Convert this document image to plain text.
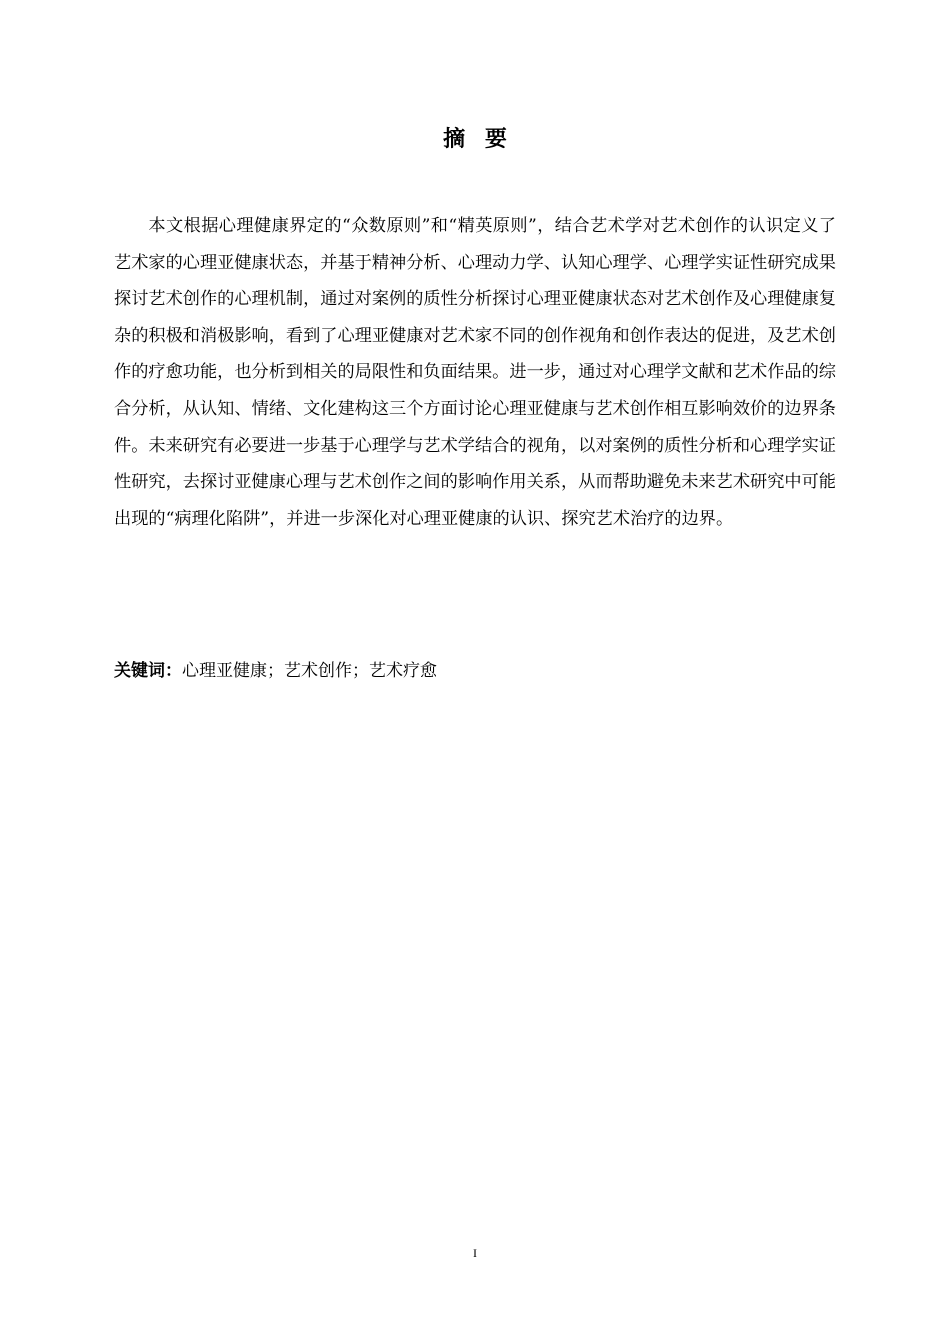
摘要

本文根据心理健康界定的“众数原则”和“精英原则”，结合艺术学对艺术创作的认识定义了艺术家的心理亚健康状态，并基于精神分析、心理动力学、认知心理学、心理学实证性研究成果探讨艺术创作的心理机制，通过对案例的质性分析探讨心理亚健康状态对艺术创作及心理健康复杂的积极和消极影响，看到了心理亚健康对艺术家不同的创作视角和创作表达的促进，及艺术创作的疗愈功能，也分析到相关的局限性和负面结果。进一步，通过对心理学文献和艺术作品的综合分析，从认知、情绪、文化建构这三个方面讨论心理亚健康与艺术创作相互影响效价的边界条件。未来研究有必要进一步基于心理学与艺术学结合的视角，以对案例的质性分析和心理学实证性研究，去探讨亚健康心理与艺术创作之间的影响作用关系，从而帮助避免未来艺术研究中可能出现的“病理化陷阱”，并进一步深化对心理亚健康的认识、探究艺术治疗的边界。

关键词：心理亚健康；艺术创作；艺术疗愈

I
